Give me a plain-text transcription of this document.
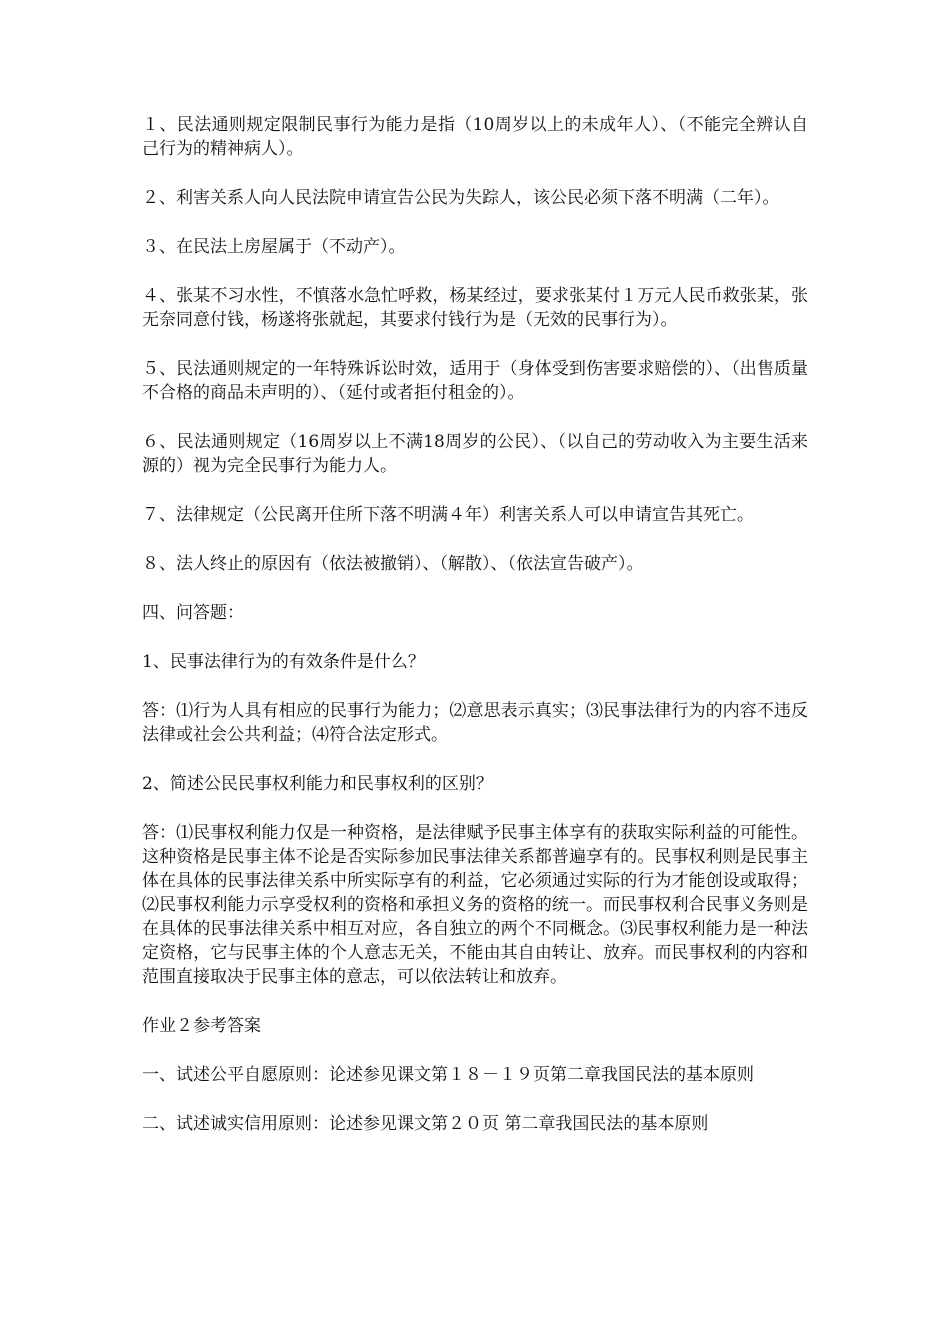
１、民法通则规定限制民事行为能力是指（10周岁以上的未成年人）、（不能完全辨认自己行为的精神病人）。

２、利害关系人向人民法院申请宣告公民为失踪人，该公民必须下落不明满（二年）。

３、在民法上房屋属于（不动产）。

４、张某不习水性，不慎落水急忙呼救，杨某经过，要求张某付１万元人民币救张某，张无奈同意付钱，杨遂将张就起，其要求付钱行为是（无效的民事行为）。

５、民法通则规定的一年特殊诉讼时效，适用于（身体受到伤害要求赔偿的）、（出售质量不合格的商品未声明的）、（延付或者拒付租金的）。

６、民法通则规定（16周岁以上不满18周岁的公民）、（以自己的劳动收入为主要生活来源的）视为完全民事行为能力人。

７、法律规定（公民离开住所下落不明满４年）利害关系人可以申请宣告其死亡。

８、法人终止的原因有（依法被撤销）、（解散）、（依法宣告破产）。

四、问答题：

1、民事法律行为的有效条件是什么？

答：⑴行为人具有相应的民事行为能力；⑵意思表示真实；⑶民事法律行为的内容不违反法律或社会公共利益；⑷符合法定形式。

2、简述公民民事权利能力和民事权利的区别？

答：⑴民事权利能力仅是一种资格，是法律赋予民事主体享有的获取实际利益的可能性。这种资格是民事主体不论是否实际参加民事法律关系都普遍享有的。民事权利则是民事主体在具体的民事法律关系中所实际享有的利益，它必须通过实际的行为才能创设或取得；⑵民事权利能力示享受权利的资格和承担义务的资格的统一。而民事权利合民事义务则是在具体的民事法律关系中相互对应，各自独立的两个不同概念。⑶民事权利能力是一种法定资格，它与民事主体的个人意志无关，不能由其自由转让、放弃。而民事权利的内容和范围直接取决于民事主体的意志，可以依法转让和放弃。

作业２参考答案

一、试述公平自愿原则：论述参见课文第１８－１９页第二章我国民法的基本原则

二、试述诚实信用原则：论述参见课文第２０页 第二章我国民法的基本原则
